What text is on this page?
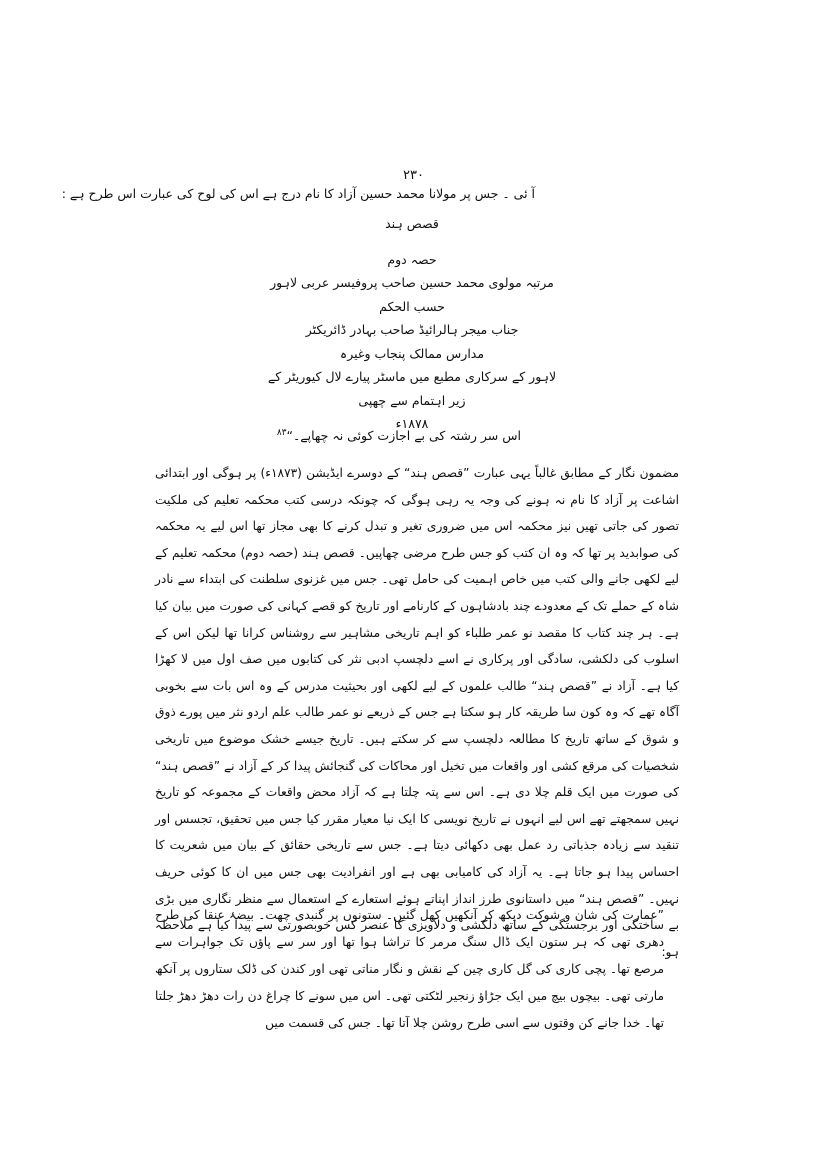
۲۳۰
آ ئی ۔ جس پر مولانا محمد حسین آزاد کا نام درج ہے اس کی لوح کی عبارت اس طرح ہے :
قصص ہند
حصہ دوم
مرتبہ مولوی محمد حسین صاحب پروفیسر عربی لاہور
حسب الحکم
جناب میجر ہالرائیڈ صاحب بہادر ڈائریکٹر
مدارس ممالک پنجاب وغیرہ
لاہور کے سرکاری مطبع میں ماسٹر پیارے لال کیوریٹر کے
زیر اہتمام سے چھپی
۱۸۷۸ء
اس سر رشتہ کی بے اجازت کوئی نہ چھاپے۔“$^{۸۳}$

مضمون نگار کے مطابق غالباً یہی عبارت ”قصص ہند“ کے دوسرے ایڈیشن (۱۸۷۳ء) پر ہوگی اور ابتدائی اشاعت پر آزاد کا نام نہ ہونے کی وجہ یہ رہی ہوگی کہ چونکہ درسی کتب محکمہ تعلیم کی ملکیت تصور کی جاتی تھیں نیز محکمہ اس میں ضروری تغیر و تبدل کرنے کا بھی مجاز تھا اس لیے یہ محکمہ کی صوابدید پر تھا کہ وہ ان کتب کو جس طرح مرضی چھاپیں۔ قصص ہند (حصہ دوم) محکمہ تعلیم کے لیے لکھی جانے والی کتب میں خاص اہمیت کی حامل تھی۔ جس میں غزنوی سلطنت کی ابتداء سے نادر شاہ کے حملے تک کے معدودے چند بادشاہوں کے کارنامے اور تاریخ کو قصے کہانی کی صورت میں بیان کیا ہے۔ ہر چند کتاب کا مقصد نو عمر طلباء کو اہم تاریخی مشاہیر سے روشناس کرانا تھا لیکن اس کے اسلوب کی دلکشی، سادگی اور پرکاری نے اسے دلچسپ ادبی نثر کی کتابوں میں صف اول میں لا کھڑا کیا ہے۔ آزاد نے ”قصص ہند“ طالب علموں کے لیے لکھی اور بحیثیت مدرس کے وہ اس بات سے بخوبی آگاہ تھے کہ وہ کون سا طریقہ کار ہو سکتا ہے جس کے ذریعے نو عمر طالب علم اردو نثر میں پورے ذوق و شوق کے ساتھ تاریخ کا مطالعہ دلچسپ سے کر سکتے ہیں۔ تاریخ جیسے خشک موضوع میں تاریخی شخصیات کی مرقع کشی اور واقعات میں تخیل اور محاکات کی گنجائش پیدا کر کے آزاد نے ”قصص ہند“ کی صورت میں ایک قلم چلا دی ہے۔ اس سے پتہ چلتا ہے کہ آزاد محض واقعات کے مجموعہ کو تاریخ نہیں سمجھتے تھے اس لیے انہوں نے تاریخ نویسی کا ایک نیا معیار مقرر کیا جس میں تحقیق، تجسس اور تنقید سے زیادہ جذباتی رد عمل بھی دکھائی دیتا ہے۔ جس سے تاریخی حقائق کے بیان میں شعریت کا احساس پیدا ہو جاتا ہے۔ یہ آزاد کی کامیابی بھی ہے اور انفرادیت بھی جس میں ان کا کوئی حریف نہیں۔ ”قصص ہند“ میں داستانوی طرز انداز اپناتے ہوئے استعارے کے استعمال سے منظر نگاری میں بڑی بے ساختگی اور برجستگی کے ساتھ دلکشی و دلآویزی کا عنصر کس خوبصورتی سے پیدا کیا ہے ملاحظہ ہو:

”عمارت کی شان و شوکت دیکھ کر آنکھیں کھل گئیں۔ ستونوں پر گنبدی چھت۔ بیضۂ عنقا کی طرح دھری تھی کہ ہر ستون ایک ڈال سنگ مرمر کا تراشا ہوا تھا اور سر سے پاؤں تک جواہرات سے مرصع تھا۔ پچی کاری کی گل کاری چین کے نقش و نگار مناتی تھی اور کندن کی ڈلک ستاروں پر آنکھ مارتی تھی۔ بیچوں بیچ میں ایک جڑاؤ زنجیر لٹکتی تھی۔ اس میں سونے کا چراغ دن رات دھڑ دھڑ جلتا تھا۔ خدا جانے کن وقتوں سے اسی طرح روشن چلا آتا تھا۔ جس کی قسمت میں
